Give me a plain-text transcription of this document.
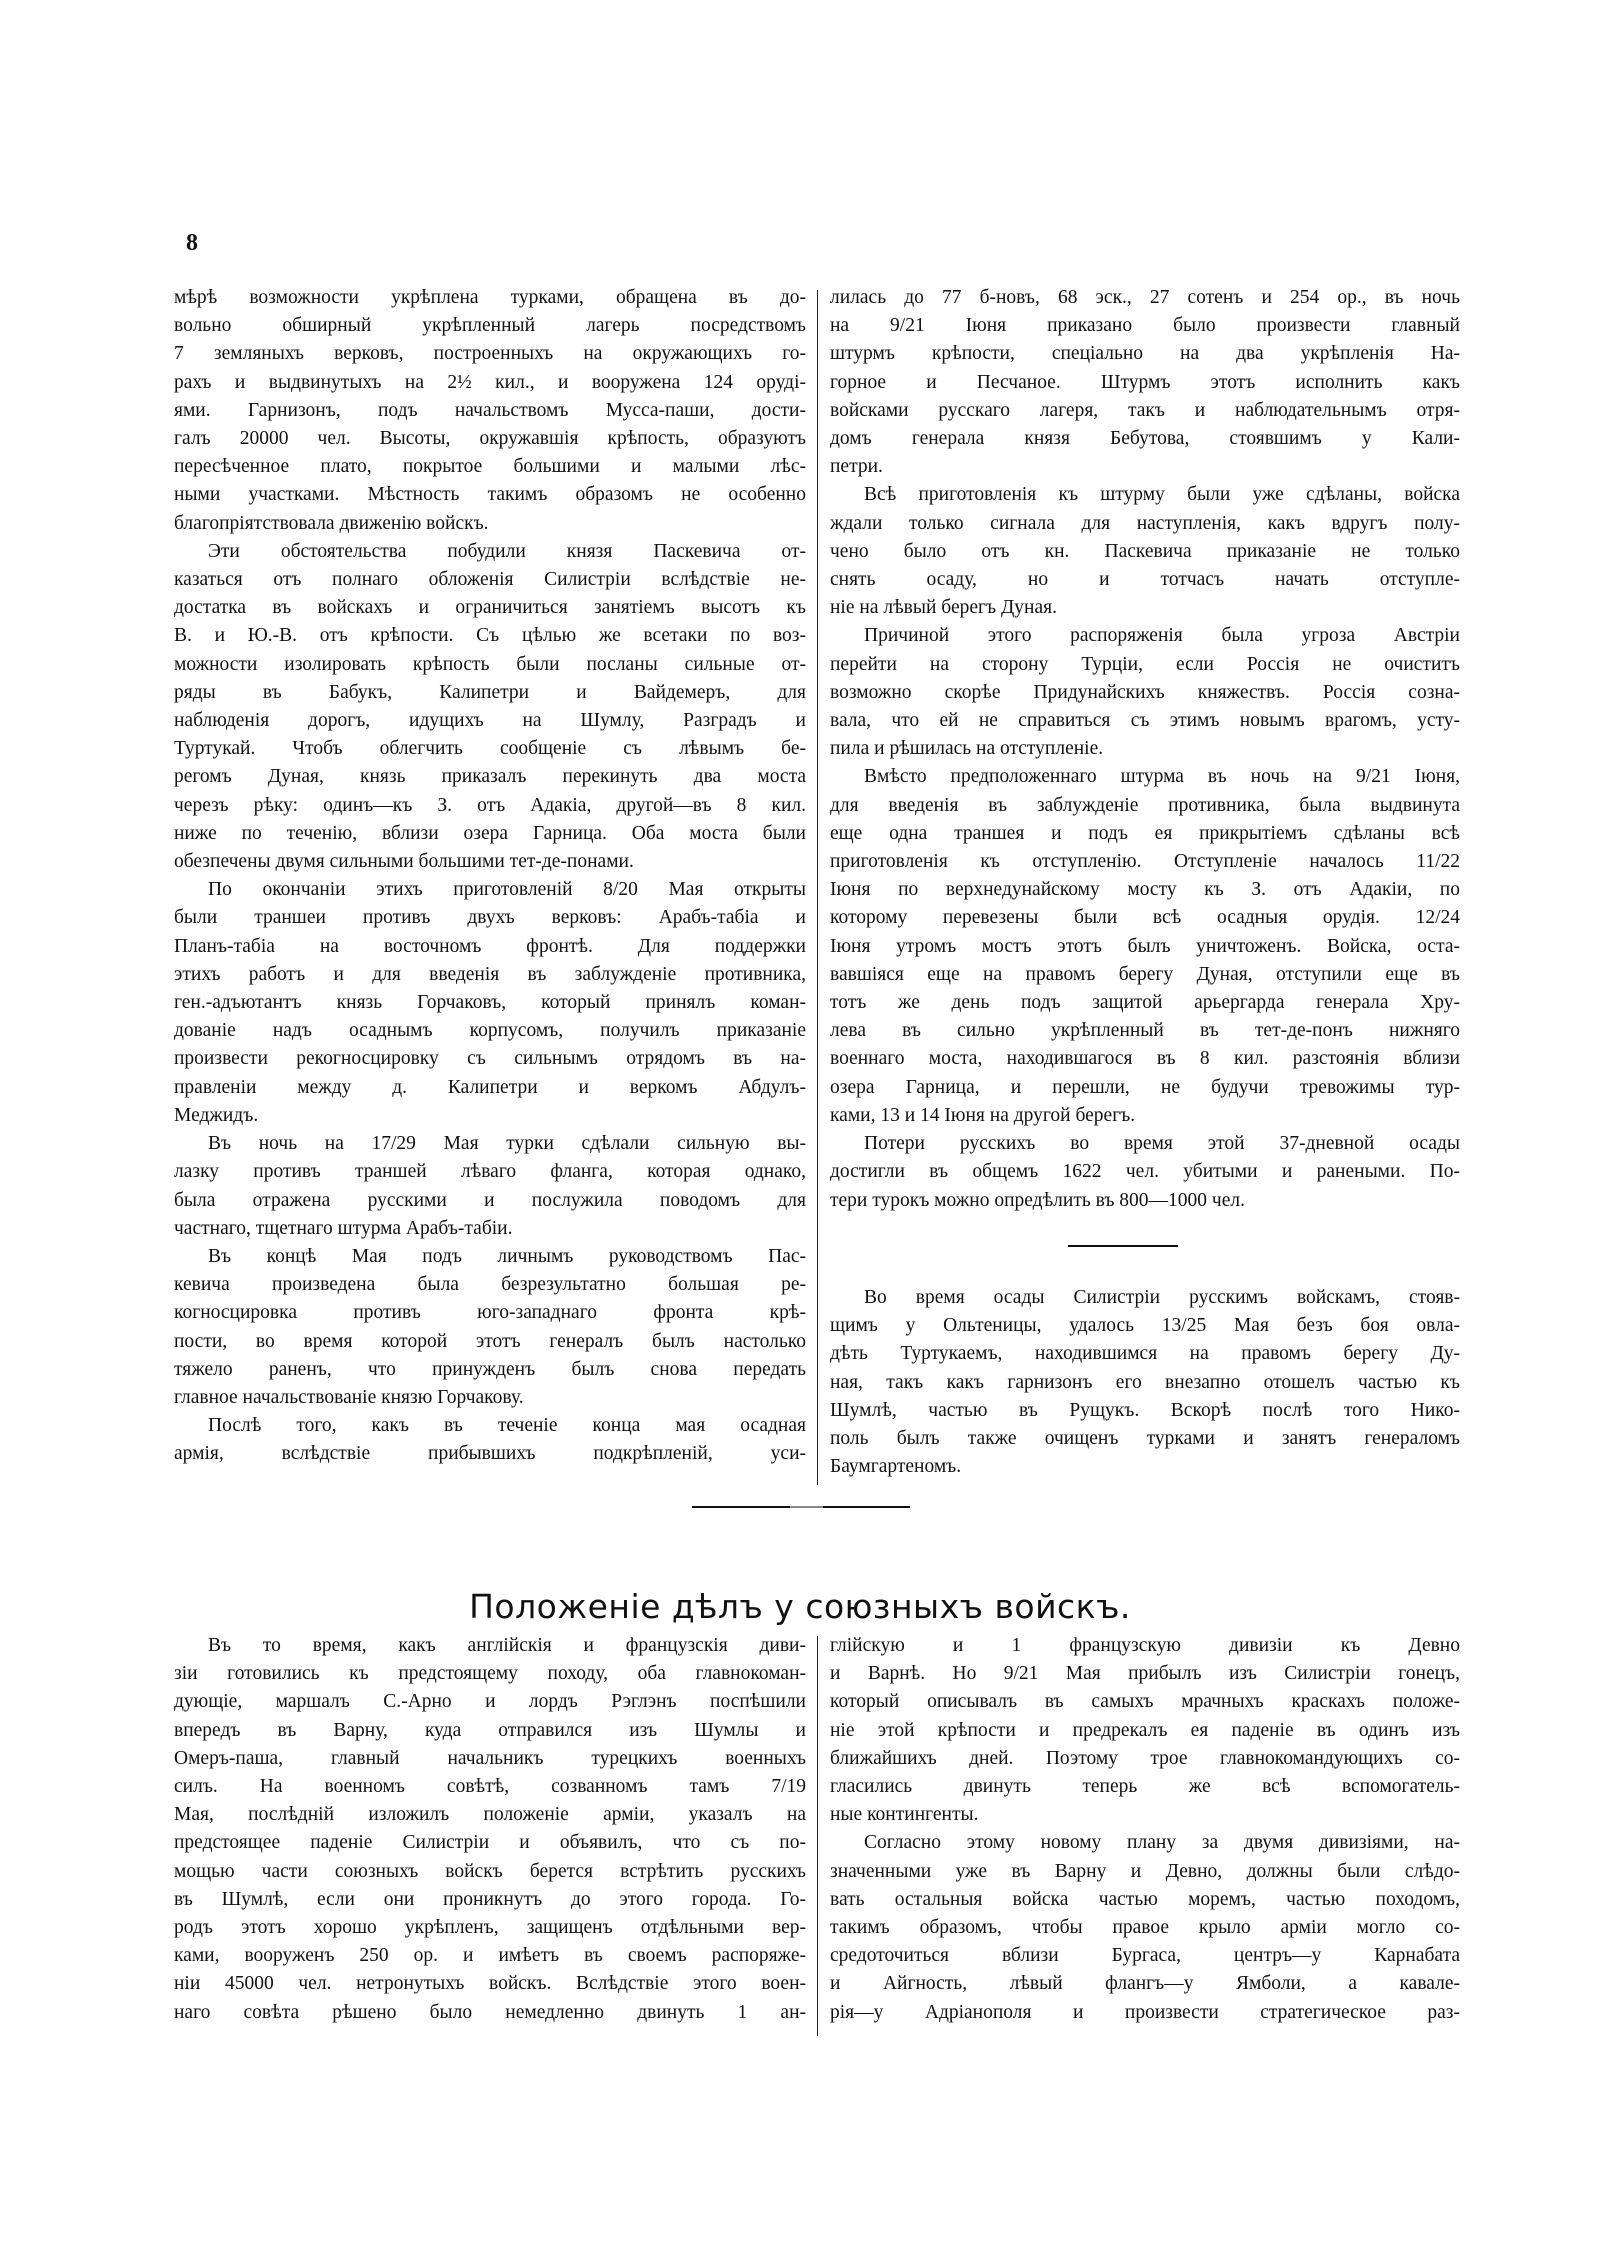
8
мѣрѣ возможности укрѣплена турками, обращена въ до-
вольно обширный укрѣпленный лагерь посредствомъ
7 земляныхъ верковъ, построенныхъ на окружающихъ го-
рахъ и выдвинутыхъ на 2½ кил., и вооружена 124 оруді-
ями. Гарнизонъ, подъ начальствомъ Мусса-паши, дости-
галъ 20000 чел. Высоты, окружавшія крѣпость, образуютъ
пересѣченное плато, покрытое большими и малыми лѣс-
ными участками. Мѣстность такимъ образомъ не особенно
благопріятствовала движенію войскъ.
Эти обстоятельства побудили князя Паскевича от-
казаться отъ полнаго обложенія Силистріи вслѣдствіе не-
достатка въ войскахъ и ограничиться занятіемъ высотъ къ
В. и Ю.-В. отъ крѣпости. Съ цѣлью же всетаки по воз-
можности изолировать крѣпость были посланы сильные от-
ряды въ Бабукъ, Калипетри и Вайдемеръ, для
наблюденія дорогъ, идущихъ на Шумлу, Разградъ и
Туртукай. Чтобъ облегчить сообщеніе съ лѣвымъ бе-
регомъ Дуная, князь приказалъ перекинуть два моста
черезъ рѣку: одинъ—къ З. отъ Адакіа, другой—въ 8 кил.
ниже по теченію, вблизи озера Гарница. Оба моста были
обезпечены двумя сильными большими тет-де-понами.
По окончаніи этихъ приготовленій 8/20 Мая открыты
были траншеи противъ двухъ верковъ: Арабъ-табіа и
Планъ-табіа на восточномъ фронтѣ. Для поддержки
этихъ работъ и для введенія въ заблужденіе противника,
ген.-адъютантъ князь Горчаковъ, который принялъ коман-
дованіе надъ осаднымъ корпусомъ, получилъ приказаніе
произвести рекогносцировку съ сильнымъ отрядомъ въ на-
правленіи между д. Калипетри и веркомъ Абдулъ-
Меджидъ.
Въ ночь на 17/29 Мая турки сдѣлали сильную вы-
лазку противъ траншей лѣваго фланга, которая однако,
была отражена русскими и послужила поводомъ для
частнаго, тщетнаго штурма Арабъ-табіи.
Въ концѣ Мая подъ личнымъ руководствомъ Пас-
кевича произведена была безрезультатно большая ре-
когносцировка противъ юго-западнаго фронта крѣ-
пости, во время которой этотъ генералъ былъ настолько
тяжело раненъ, что принужденъ былъ снова передать
главное начальствованіе князю Горчакову.
Послѣ того, какъ въ теченіе конца мая осадная
армія, вслѣдствіе прибывшихъ подкрѣпленій, уси-
лилась до 77 б-новъ, 68 эск., 27 сотенъ и 254 ор., въ ночь
на 9/21 Іюня приказано было произвести главный
штурмъ крѣпости, спеціально на два укрѣпленія На-
горное и Песчаное. Штурмъ этотъ исполнить какъ
войсками русскаго лагеря, такъ и наблюдательнымъ отря-
домъ генерала князя Бебутова, стоявшимъ у Кали-
петри.
Всѣ приготовленія къ штурму были уже сдѣланы, войска
ждали только сигнала для наступленія, какъ вдругъ полу-
чено было отъ кн. Паскевича приказаніе не только
снять осаду, но и тотчасъ начать отступле-
ніе на лѣвый берегъ Дуная.
Причиной этого распоряженія была угроза Австріи
перейти на сторону Турціи, если Россія не очиститъ
возможно скорѣе Придунайскихъ княжествъ. Россія созна-
вала, что ей не справиться съ этимъ новымъ врагомъ, усту-
пила и рѣшилась на отступленіе.
Вмѣсто предположеннаго штурма въ ночь на 9/21 Іюня,
для введенія въ заблужденіе противника, была выдвинута
еще одна траншея и подъ ея прикрытіемъ сдѣланы всѣ
приготовленія къ отступленію. Отступленіе началось 11/22
Іюня по верхнедунайскому мосту къ З. отъ Адакіи, по
которому перевезены были всѣ осадныя орудія. 12/24
Іюня утромъ мостъ этотъ былъ уничтоженъ. Войска, оста-
вавшіяся еще на правомъ берегу Дуная, отступили еще въ
тотъ же день подъ защитой арьергарда генерала Хру-
лева въ сильно укрѣпленный въ тет-де-понъ нижняго
военнаго моста, находившагося въ 8 кил. разстоянія вблизи
озера Гарница, и перешли, не будучи тревожимы тур-
ками, 13 и 14 Іюня на другой берегъ.
Потери русскихъ во время этой 37-дневной осады
достигли въ общемъ 1622 чел. убитыми и ранеными. По-
тери турокъ можно опредѣлить въ 800—1000 чел.
Во время осады Силистріи русскимъ войскамъ, стояв-
щимъ у Ольтеницы, удалось 13/25 Мая безъ боя овла-
дѣть Туртукаемъ, находившимся на правомъ берегу Ду-
ная, такъ какъ гарнизонъ его внезапно отошелъ частью къ
Шумлѣ, частью въ Рущукъ. Вскорѣ послѣ того Нико-
поль былъ также очищенъ турками и занятъ генераломъ
Баумгартеномъ.
Положеніе дѣлъ у союзныхъ войскъ.
Въ то время, какъ англійскія и французскія диви-
зіи готовились къ предстоящему походу, оба главнокоман-
дующіе, маршалъ С.-Арно и лордъ Рэглэнъ поспѣшили
впередъ въ Варну, куда отправился изъ Шумлы и
Омеръ-паша, главный начальникъ турецкихъ военныхъ
силъ. На военномъ совѣтѣ, созванномъ тамъ 7/19
Мая, послѣдній изложилъ положеніе арміи, указалъ на
предстоящее паденіе Силистріи и объявилъ, что съ по-
мощью части союзныхъ войскъ берется встрѣтить русскихъ
въ Шумлѣ, если они проникнутъ до этого города. Го-
родъ этотъ хорошо укрѣпленъ, защищенъ отдѣльными вер-
ками, вооруженъ 250 ор. и имѣетъ въ своемъ распоряже-
ніи 45000 чел. нетронутыхъ войскъ. Вслѣдствіе этого воен-
наго совѣта рѣшено было немедленно двинуть 1 ан-
глійскую и 1 французскую дивизіи къ Девно
и Варнѣ. Но 9/21 Мая прибылъ изъ Силистріи гонецъ,
который описывалъ въ самыхъ мрачныхъ краскахъ положе-
ніе этой крѣпости и предрекалъ ея паденіе въ одинъ изъ
ближайшихъ дней. Поэтому трое главнокомандующихъ со-
гласились двинуть теперь же всѣ вспомогатель-
ные контингенты.
Согласно этому новому плану за двумя дивизіями, на-
значенными уже въ Варну и Девно, должны были слѣдо-
вать остальныя войска частью моремъ, частью походомъ,
такимъ образомъ, чтобы правое крыло арміи могло со-
средоточиться вблизи Бургаса, центръ—у Карнабата
и Айгность, лѣвый флангъ—у Ямболи, а кавале-
рія—у Адріанополя и произвести стратегическое раз-
